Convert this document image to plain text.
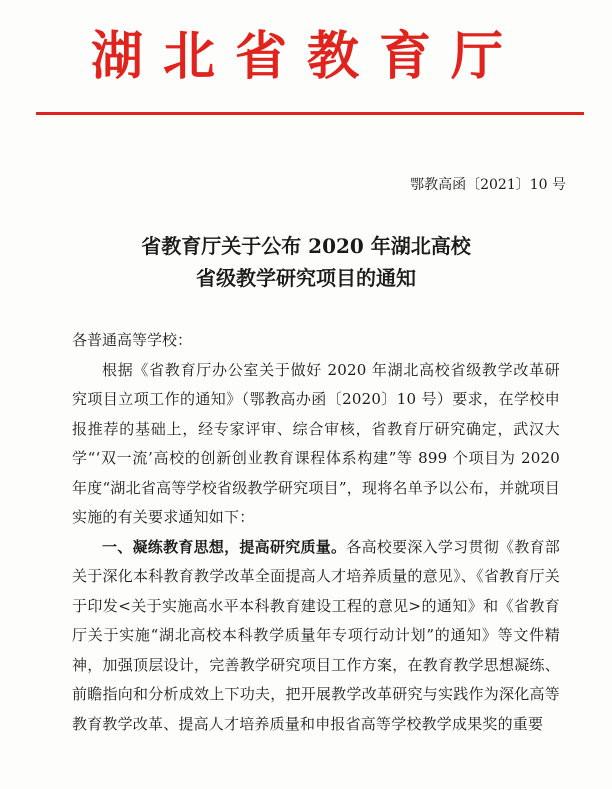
湖北省教育厅
鄂教高函〔2021〕10 号
省教育厅关于公布 2020 年湖北高校
省级教学研究项目的通知

各普通高等学校：

根据《省教育厅办公室关于做好 2020 年湖北高校省级教学改革研究项目立项工作的通知》（鄂教高办函〔2020〕10 号）要求，在学校申报推荐的基础上，经专家评审、综合审核，省教育厅研究确定，武汉大学“‘双一流’高校的创新创业教育课程体系构建”等 899 个项目为 2020 年度“湖北省高等学校省级教学研究项目”，现将名单予以公布，并就项目实施的有关要求通知如下：

一、凝练教育思想，提高研究质量。各高校要深入学习贯彻《教育部关于深化本科教育教学改革全面提高人才培养质量的意见》、《省教育厅关于印发<关于实施高水平本科教育建设工程的意见>的通知》和《省教育厅关于实施“湖北高校本科教学质量年专项行动计划”的通知》等文件精神，加强顶层设计，完善教学研究项目工作方案，在教育教学思想凝练、前瞻指向和分析成效上下功夫，把开展教学改革研究与实践作为深化高等教育教学改革、提高人才培养质量和申报省高等学校教学成果奖的重要
